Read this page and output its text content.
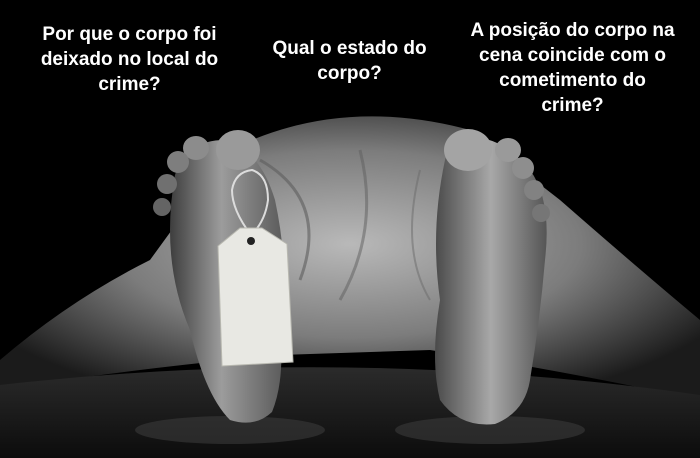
Por que o corpo foi deixado no local do crime?

Qual o estado do corpo?

A posição do corpo na cena coincide com o cometimento do crime?
